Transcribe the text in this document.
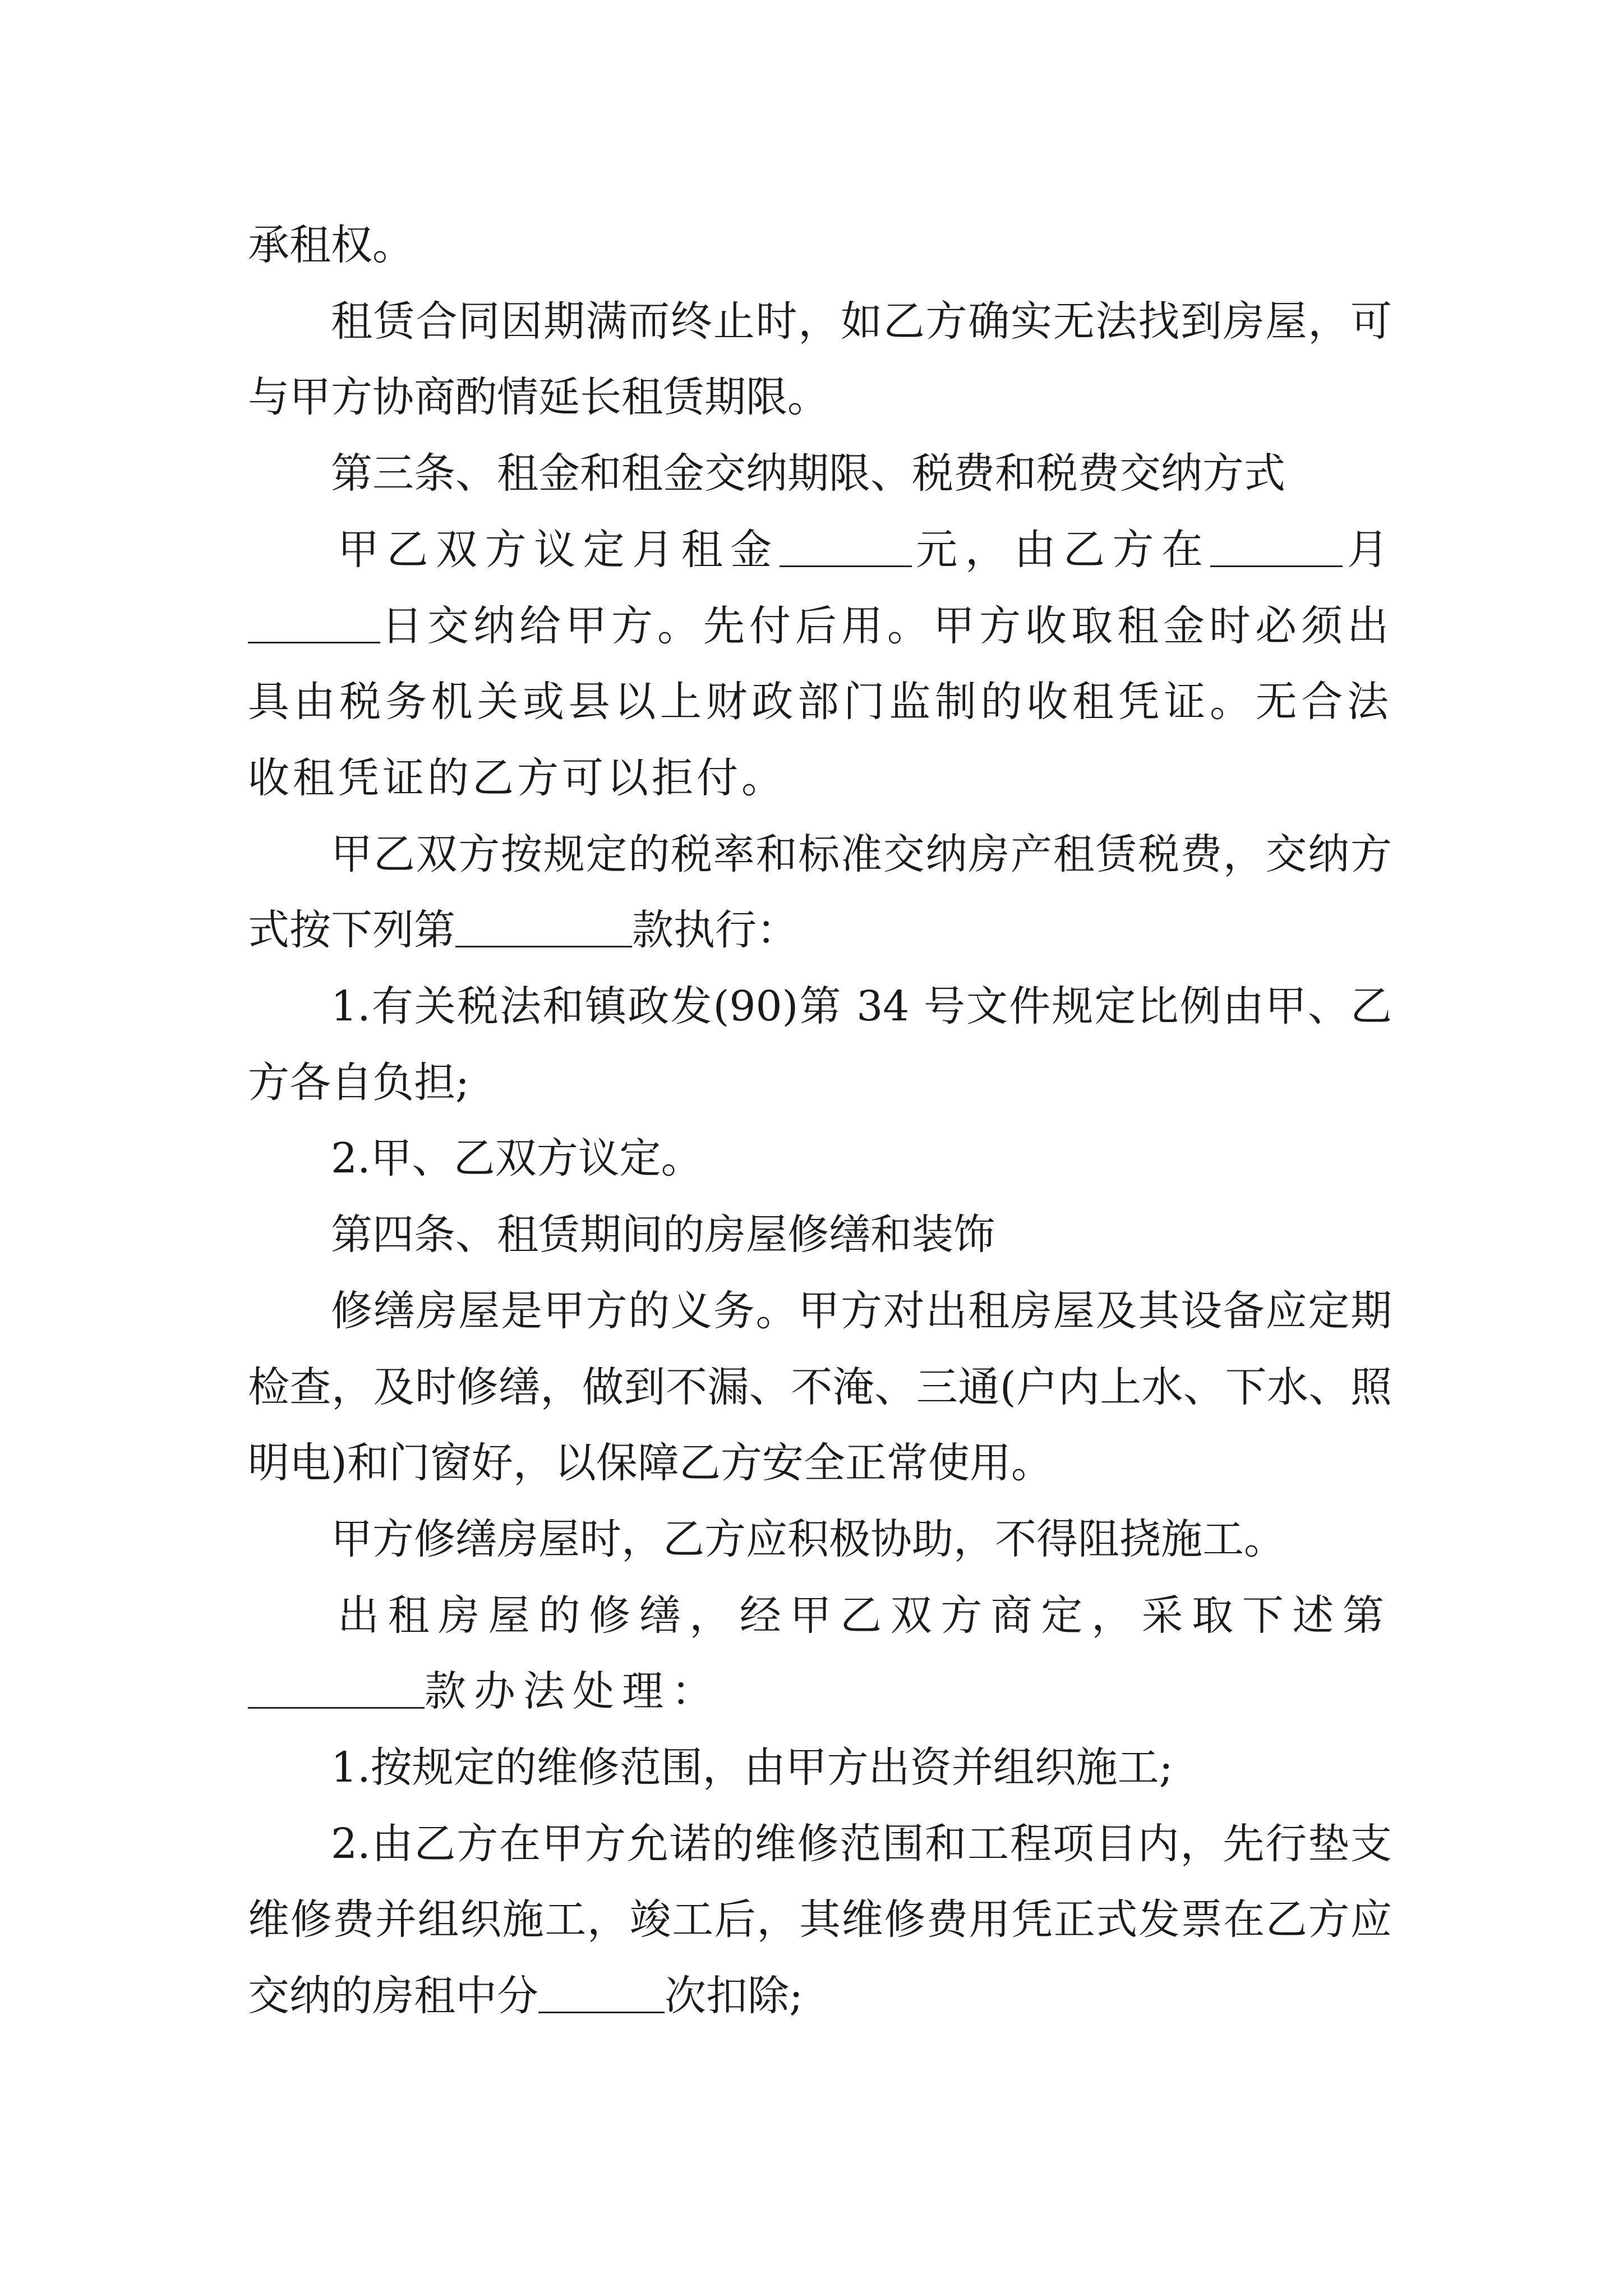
承租权。

租赁合同因期满而终止时，如乙方确实无法找到房屋，可与甲方协商酌情延长租赁期限。

第三条、租金和租金交纳期限、税费和税费交纳方式

甲乙双方议定月租金	元，由乙方在	月日交纳给甲方。先付后用。甲方收取租金时必须出具由税务机关或县以上财政部门监制的收租凭证。无合法收租凭证的乙方可以拒付。

甲乙双方按规定的税率和标准交纳房产租赁税费，交纳方式按下列第	款执行：

1.有关税法和镇政发(90)第 34 号文件规定比例由甲、乙方各自负担;

2.甲、乙双方议定。

第四条、租赁期间的房屋修缮和装饰

修缮房屋是甲方的义务。甲方对出租房屋及其设备应定期检查，及时修缮，做到不漏、不淹、三通(户内上水、下水、照明电)和门窗好，以保障乙方安全正常使用。

甲方修缮房屋时，乙方应积极协助，不得阻挠施工。

出租房屋的修缮，经甲乙双方商定，采取下述第款办法处理：

1.按规定的维修范围，由甲方出资并组织施工;

2.由乙方在甲方允诺的维修范围和工程项目内，先行垫支维修费并组织施工，竣工后，其维修费用凭正式发票在乙方应交纳的房租中分	次扣除;
